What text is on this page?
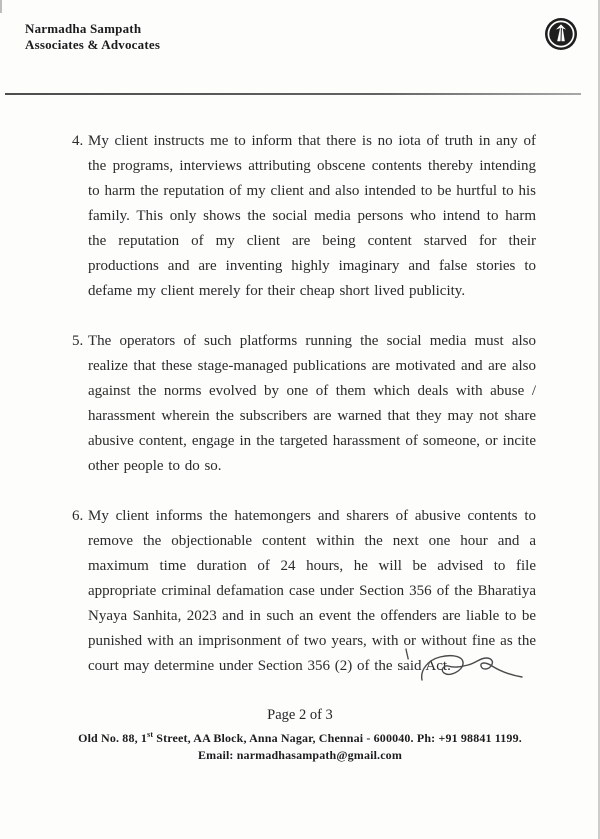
Narmadha Sampath
Associates & Advocates
4. My client instructs me to inform that there is no iota of truth in any of the programs, interviews attributing obscene contents thereby intending to harm the reputation of my client and also intended to be hurtful to his family. This only shows the social media persons who intend to harm the reputation of my client are being content starved for their productions and are inventing highly imaginary and false stories to defame my client merely for their cheap short lived publicity.
5. The operators of such platforms running the social media must also realize that these stage-managed publications are motivated and are also against the norms evolved by one of them which deals with abuse / harassment wherein the subscribers are warned that they may not share abusive content, engage in the targeted harassment of someone, or incite other people to do so.
6. My client informs the hatemongers and sharers of abusive contents to remove the objectionable content within the next one hour and a maximum time duration of 24 hours, he will be advised to file appropriate criminal defamation case under Section 356 of the Bharatiya Nyaya Sanhita, 2023 and in such an event the offenders are liable to be punished with an imprisonment of two years, with or without fine as the court may determine under Section 356 (2) of the said Act.
Page 2 of 3
Old No. 88, 1st Street, AA Block, Anna Nagar, Chennai - 600040. Ph: +91 98841 1199.
Email: narmadhasampath@gmail.com
